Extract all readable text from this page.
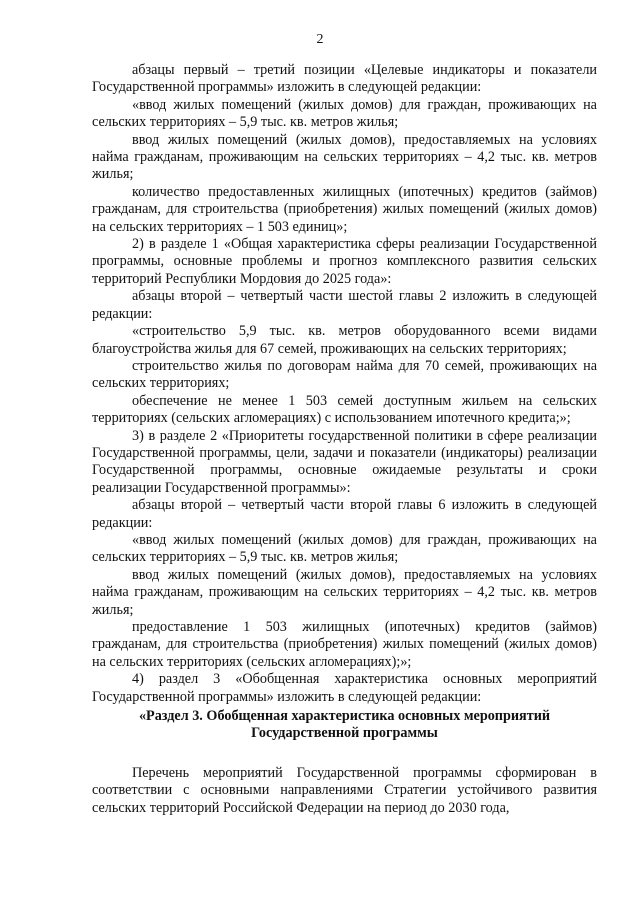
2

абзацы первый – третий позиции «Целевые индикаторы и показатели Государственной программы» изложить в следующей редакции:

«ввод жилых помещений (жилых домов) для граждан, проживающих на сельских территориях – 5,9 тыс. кв. метров жилья;

ввод жилых помещений (жилых домов), предоставляемых на условиях найма гражданам, проживающим на сельских территориях – 4,2 тыс. кв. метров жилья;

количество предоставленных жилищных (ипотечных) кредитов (займов) гражданам, для строительства (приобретения) жилых помещений (жилых домов) на сельских территориях – 1 503 единиц»;

2) в разделе 1 «Общая характеристика сферы реализации Государственной программы, основные проблемы и прогноз комплексного развития сельских территорий Республики Мордовия до 2025 года»:

абзацы второй – четвертый части шестой главы 2 изложить в следующей редакции:

«строительство 5,9 тыс. кв. метров оборудованного всеми видами благоустройства жилья для 67 семей, проживающих на сельских территориях;

строительство жилья по договорам найма для 70 семей, проживающих на сельских территориях;

обеспечение не менее 1 503 семей доступным жильем на сельских территориях (сельских агломерациях) с использованием ипотечного кредита;»;

3) в разделе 2 «Приоритеты государственной политики в сфере реализации Государственной программы, цели, задачи и показатели (индикаторы) реализации Государственной программы, основные ожидаемые результаты и сроки реализации Государственной программы»:

абзацы второй – четвертый части второй главы 6 изложить в следующей редакции:

«ввод жилых помещений (жилых домов) для граждан, проживающих на сельских территориях – 5,9 тыс. кв. метров жилья;

ввод жилых помещений (жилых домов), предоставляемых на условиях найма гражданам, проживающим на сельских территориях – 4,2 тыс. кв. метров жилья;

предоставление 1 503 жилищных (ипотечных) кредитов (займов) гражданам, для строительства (приобретения) жилых помещений (жилых домов) на сельских территориях (сельских агломерациях);»;

4) раздел 3 «Обобщенная характеристика основных мероприятий Государственной программы» изложить в следующей редакции:

«Раздел 3. Обобщенная характеристика основных мероприятий Государственной программы

Перечень мероприятий Государственной программы сформирован в соответствии с основными направлениями Стратегии устойчивого развития сельских территорий Российской Федерации на период до 2030 года,
